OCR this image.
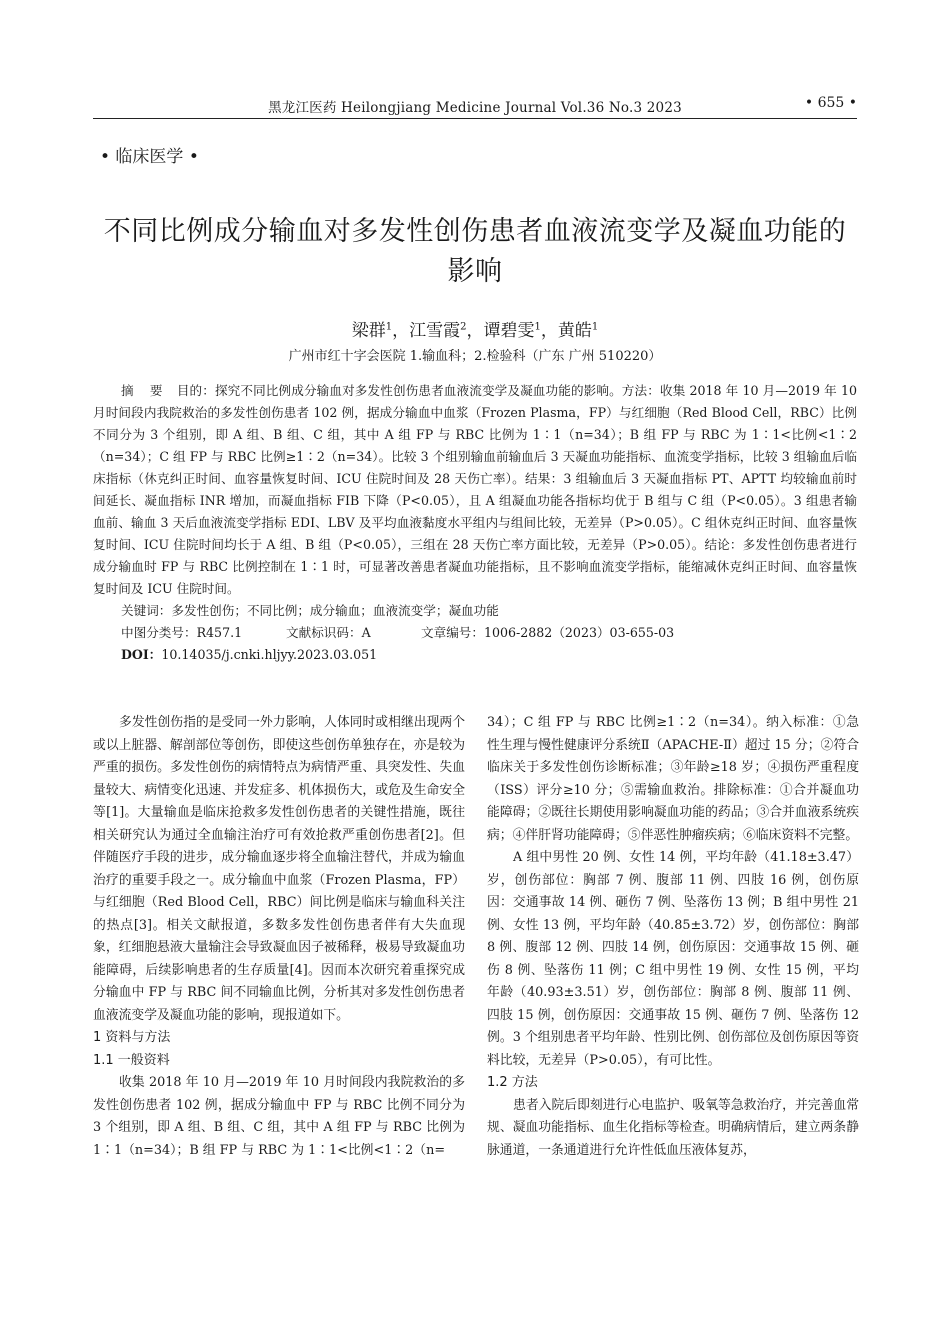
黑龙江医药 Heilongjiang Medicine Journal Vol.36 No.3 2023	• 655 •
• 临床医学 •
不同比例成分输血对多发性创伤患者血液流变学及凝血功能的
影响
梁群$^1$，江雪霞$^2$，谭碧雯$^1$，黄皓$^1$
广州市红十字会医院 1.输血科；2.检验科（广东 广州 510220）

摘 要 目的：探究不同比例成分输血对多发性创伤患者血液流变学及凝血功能的影响。方法：收集 2018 年 10 月—2019 年 10 月时间段内我院救治的多发性创伤患者 102 例，据成分输血中血浆（Frozen Plasma，FP）与红细胞（Red Blood Cell，RBC）比例不同分为 3 个组别，即 A 组、B 组、C 组，其中 A 组 FP 与 RBC 比例为 1∶1（n=34）；B 组 FP 与 RBC 为 1∶1<比例<1∶2（n=34）；C 组 FP 与 RBC 比例≥1∶2（n=34）。比较 3 个组别输血前输血后 3 天凝血功能指标、血流变学指标，比较 3 组输血后临床指标（休克纠正时间、血容量恢复时间、ICU 住院时间及 28 天伤亡率）。结果：3 组输血后 3 天凝血指标 PT、APTT 均较输血前时间延长、凝血指标 INR 增加，而凝血指标 FIB 下降（P<0.05），且 A 组凝血功能各指标均优于 B 组与 C 组（P<0.05）。3 组患者输血前、输血 3 天后血液流变学指标 EDI、LBV 及平均血液黏度水平组内与组间比较，无差异（P>0.05）。C 组休克纠正时间、血容量恢复时间、ICU 住院时间均长于 A 组、B 组（P<0.05），三组在 28 天伤亡率方面比较，无差异（P>0.05）。结论：多发性创伤患者进行成分输血时 FP 与 RBC 比例控制在 1∶1 时，可显著改善患者凝血功能指标，且不影响血流变学指标，能缩减休克纠正时间、血容量恢复时间及 ICU 住院时间。

关键词：多发性创伤；不同比例；成分输血；血液流变学；凝血功能

中图分类号：R457.1	文献标识码：A	文章编号：1006-2882（2023）03-655-03

DOI：10.14035/j.cnki.hljyy.2023.03.051

多发性创伤指的是受同一外力影响，人体同时或相继出现两个或以上脏器、解剖部位等创伤，即使这些创伤单独存在，亦是较为严重的损伤。多发性创伤的病情特点为病情严重、具突发性、失血量较大、病情变化迅速、并发症多、机体损伤大，或危及生命安全等[1]。大量输血是临床抢救多发性创伤患者的关键性措施，既往相关研究认为通过全血输注治疗可有效抢救严重创伤患者[2]。但伴随医疗手段的进步，成分输血逐步将全血输注替代，并成为输血治疗的重要手段之一。成分输血中血浆（Frozen Plasma，FP）与红细胞（Red Blood Cell，RBC）间比例是临床与输血科关注的热点[3]。相关文献报道，多数多发性创伤患者伴有大失血现象，红细胞悬液大量输注会导致凝血因子被稀释，极易导致凝血功能障碍，后续影响患者的生存质量[4]。因而本次研究着重探究成分输血中 FP 与 RBC 间不同输血比例，分析其对多发性创伤患者血液流变学及凝血功能的影响，现报道如下。

1 资料与方法

1.1 一般资料

收集 2018 年 10 月—2019 年 10 月时间段内我院救治的多发性创伤患者 102 例，据成分输血中 FP 与 RBC 比例不同分为 3 个组别，即 A 组、B 组、C 组，其中 A 组 FP 与 RBC 比例为 1∶1（n=34）；B 组 FP 与 RBC 为 1∶1<比例<1∶2（n=

34）；C 组 FP 与 RBC 比例≥1∶2（n=34）。纳入标准：①急性生理与慢性健康评分系统Ⅱ（APACHE-Ⅱ）超过 15 分；②符合临床关于多发性创伤诊断标准；③年龄≥18 岁；④损伤严重程度（ISS）评分≥10 分；⑤需输血救治。排除标准：①合并凝血功能障碍；②既往长期使用影响凝血功能的药品；③合并血液系统疾病；④伴肝肾功能障碍；⑤伴恶性肿瘤疾病；⑥临床资料不完整。

A 组中男性 20 例、女性 14 例，平均年龄（41.18±3.47）岁，创伤部位：胸部 7 例、腹部 11 例、四肢 16 例，创伤原因：交通事故 14 例、砸伤 7 例、坠落伤 13 例；B 组中男性 21 例、女性 13 例，平均年龄（40.85±3.72）岁，创伤部位：胸部 8 例、腹部 12 例、四肢 14 例，创伤原因：交通事故 15 例、砸伤 8 例、坠落伤 11 例；C 组中男性 19 例、女性 15 例，平均年龄（40.93±3.51）岁，创伤部位：胸部 8 例、腹部 11 例、四肢 15 例，创伤原因：交通事故 15 例、砸伤 7 例、坠落伤 12 例。3 个组别患者平均年龄、性别比例、创伤部位及创伤原因等资料比较，无差异（P>0.05），有可比性。

1.2 方法

患者入院后即刻进行心电监护、吸氧等急救治疗，并完善血常规、凝血功能指标、血生化指标等检查。明确病情后，建立两条静脉通道，一条通道进行允许性低血压液体复苏，
